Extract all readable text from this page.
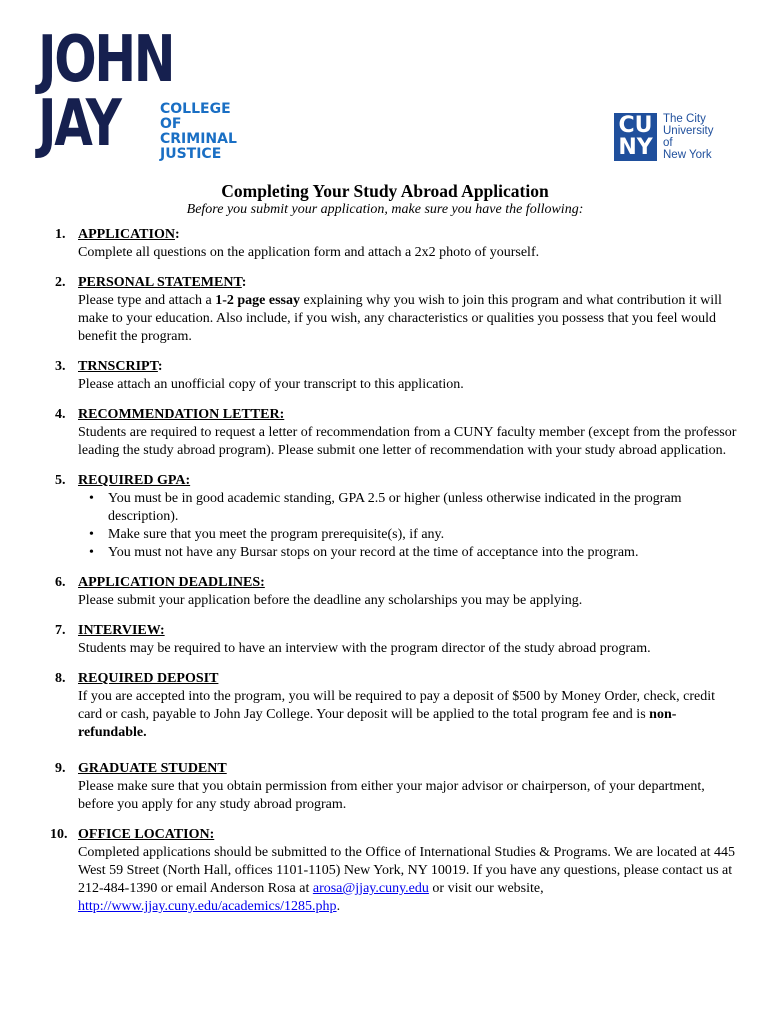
JOHN
JAY	COLLEGE
OF
CRIMINAL
JUSTICE
CU
NY
The City
University
of
New York
Completing Your Study Abroad Application
Before you submit your application, make sure you have the following:
1. APPLICATION:
Complete all questions on the application form and attach a 2x2 photo of yourself.
2. PERSONAL STATEMENT:
Please type and attach a 1-2 page essay explaining why you wish to join this program and what contribution it will make to your education. Also include, if you wish, any characteristics or qualities you possess that you feel would benefit the program.
3. TRNSCRIPT:
Please attach an unofficial copy of your transcript to this application.
4. RECOMMENDATION LETTER:
Students are required to request a letter of recommendation from a CUNY faculty member (except from the professor leading the study abroad program). Please submit one letter of recommendation with your study abroad application.
5. REQUIRED GPA:
• You must be in good academic standing, GPA 2.5 or higher (unless otherwise indicated in the program description).
• Make sure that you meet the program prerequisite(s), if any.
• You must not have any Bursar stops on your record at the time of acceptance into the program.
6. APPLICATION DEADLINES:
Please submit your application before the deadline any scholarships you may be applying.
7. INTERVIEW:
Students may be required to have an interview with the program director of the study abroad program.
8. REQUIRED DEPOSIT
If you are accepted into the program, you will be required to pay a deposit of $500 by Money Order, check, credit card or cash, payable to John Jay College. Your deposit will be applied to the total program fee and is non-refundable.
9. GRADUATE STUDENT
Please make sure that you obtain permission from either your major advisor or chairperson, of your department, before you apply for any study abroad program.
10. OFFICE LOCATION:
Completed applications should be submitted to the Office of International Studies & Programs. We are located at 445 West 59 Street (North Hall, offices 1101-1105) New York, NY 10019. If you have any questions, please contact us at 212-484-1390 or email Anderson Rosa at arosa@jjay.cuny.edu or visit our website, http://www.jjay.cuny.edu/academics/1285.php.
